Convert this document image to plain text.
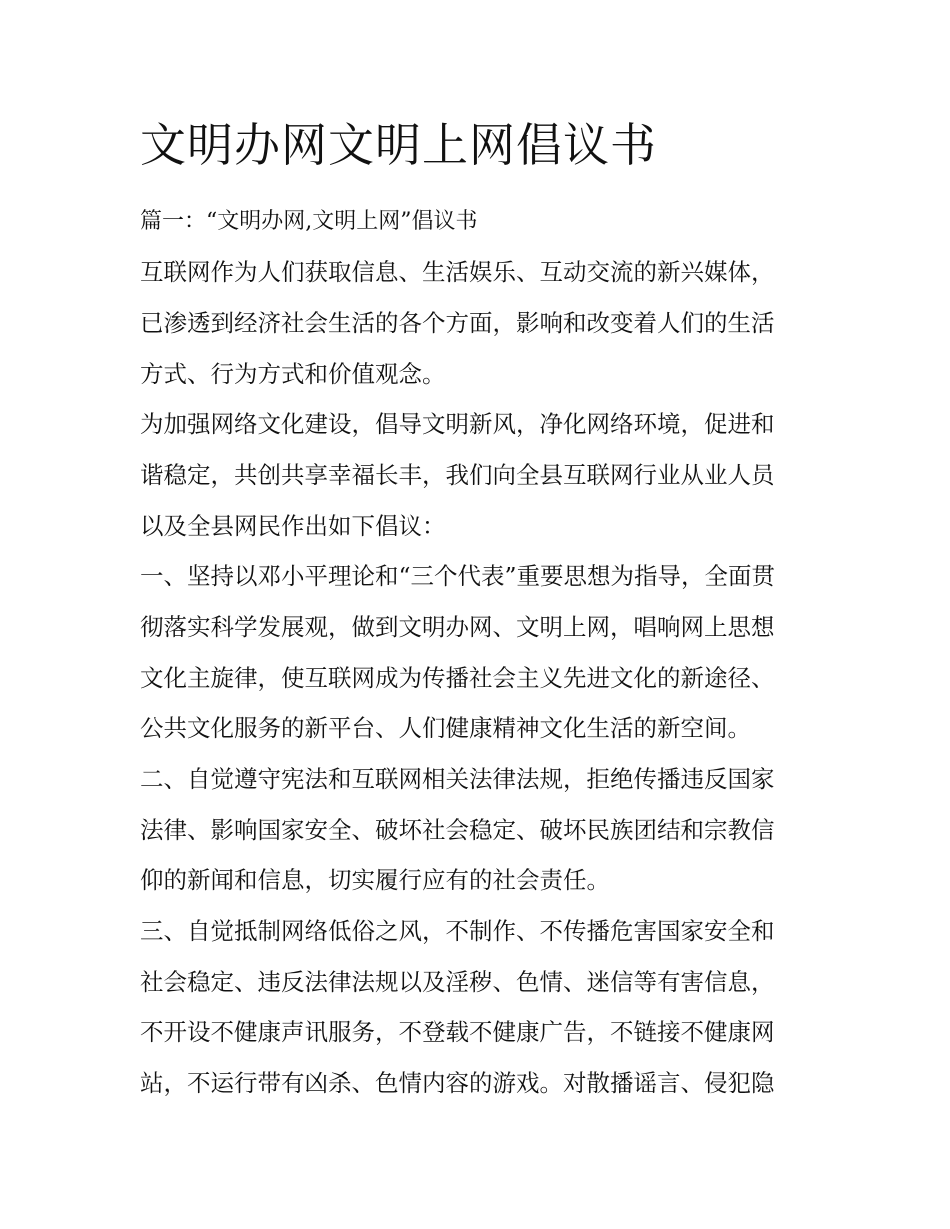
文明办网文明上网倡议书

篇一：“文明办网,文明上网”倡议书

互联网作为人们获取信息、生活娱乐、互动交流的新兴媒体，

已渗透到经济社会生活的各个方面，影响和改变着人们的生活

方式、行为方式和价值观念。

为加强网络文化建设，倡导文明新风，净化网络环境，促进和

谐稳定，共创共享幸福长丰，我们向全县互联网行业从业人员

以及全县网民作出如下倡议：

一、坚持以邓小平理论和“三个代表”重要思想为指导，全面贯

彻落实科学发展观，做到文明办网、文明上网，唱响网上思想

文化主旋律，使互联网成为传播社会主义先进文化的新途径、

公共文化服务的新平台、人们健康精神文化生活的新空间。

二、自觉遵守宪法和互联网相关法律法规，拒绝传播违反国家

法律、影响国家安全、破坏社会稳定、破坏民族团结和宗教信

仰的新闻和信息，切实履行应有的社会责任。

三、自觉抵制网络低俗之风，不制作、不传播危害国家安全和

社会稳定、违反法律法规以及淫秽、色情、迷信等有害信息，

不开设不健康声讯服务，不登载不健康广告，不链接不健康网

站，不运行带有凶杀、色情内容的游戏。对散播谣言、侵犯隐
